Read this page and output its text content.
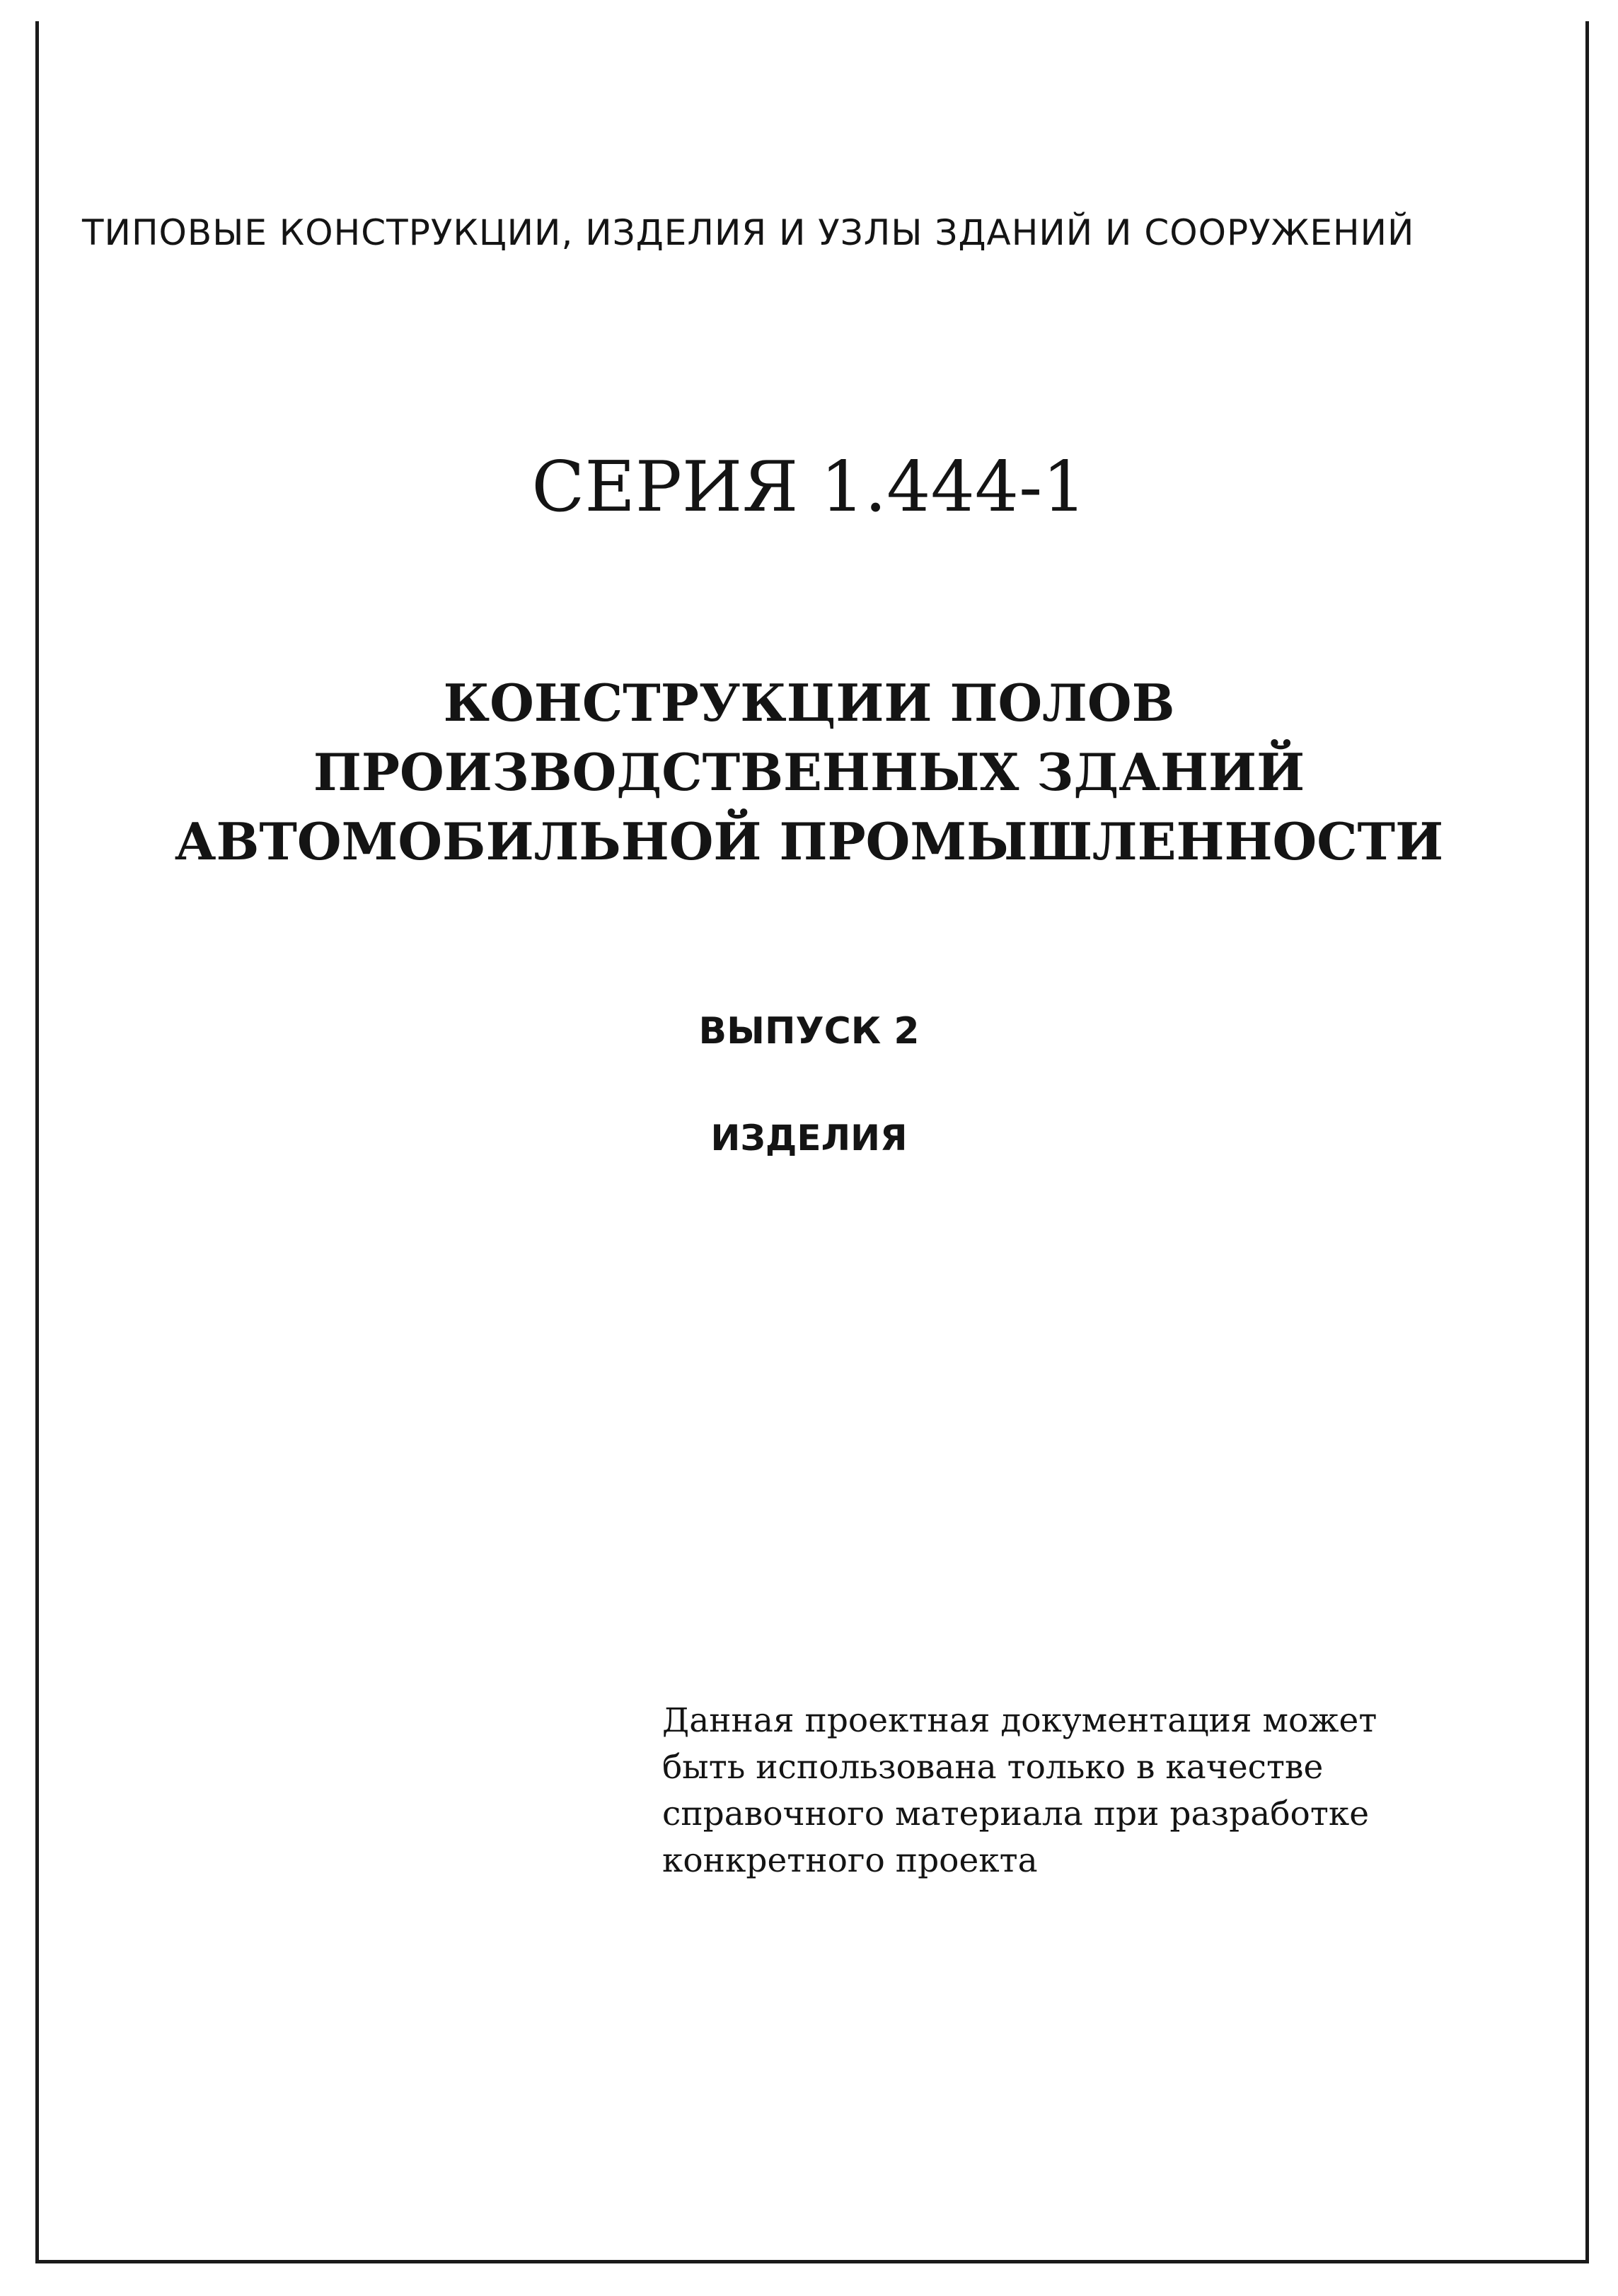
ТИПОВЫЕ КОНСТРУКЦИИ, ИЗДЕЛИЯ И УЗЛЫ ЗДАНИЙ И СООРУЖЕНИЙ
СЕРИЯ 1.444-1
КОНСТРУКЦИИ ПОЛОВ
ПРОИЗВОДСТВЕННЫХ ЗДАНИЙ
АВТОМОБИЛЬНОЙ ПРОМЫШЛЕННОСТИ
ВЫПУСК 2
ИЗДЕЛИЯ
Данная проектная документация может
быть использована только в качестве
справочного материала при разработке
конкретного проекта
